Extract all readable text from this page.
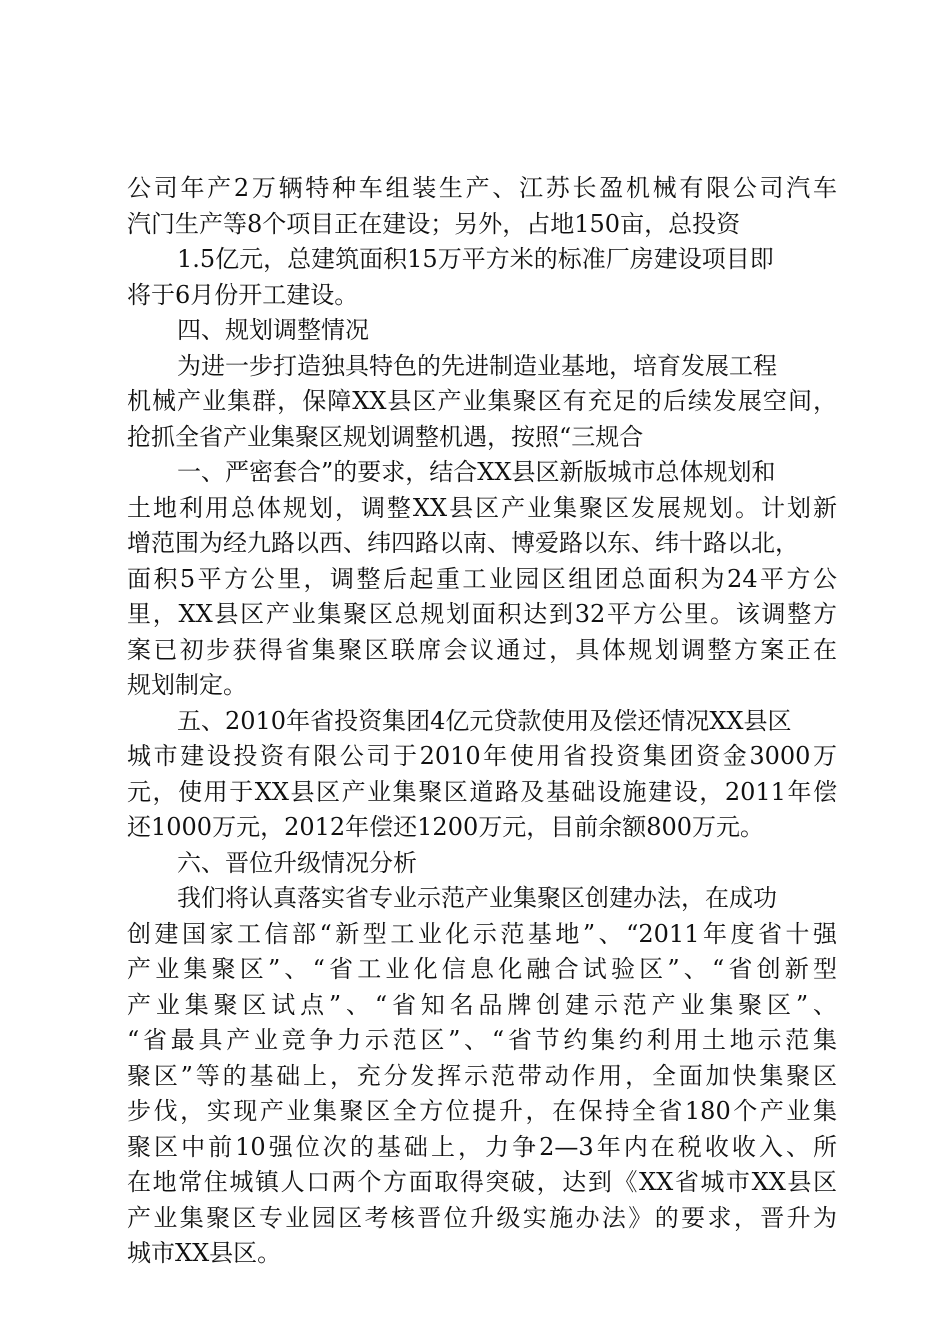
公司年产2万辆特种车组装生产、江苏长盈机械有限公司汽车
汽门生产等8个项目正在建设；另外，占地150亩，总投资
1.5亿元，总建筑面积15万平方米的标准厂房建设项目即
将于6月份开工建设。
四、规划调整情况
为进一步打造独具特色的先进制造业基地，培育发展工程
机械产业集群，保障XX县区产业集聚区有充足的后续发展空间，
抢抓全省产业集聚区规划调整机遇，按照“三规合
一、严密套合”的要求，结合XX县区新版城市总体规划和
土地利用总体规划，调整XX县区产业集聚区发展规划。计划新
增范围为经九路以西、纬四路以南、博爱路以东、纬十路以北，
面积5平方公里，调整后起重工业园区组团总面积为24平方公
里，XX县区产业集聚区总规划面积达到32平方公里。该调整方
案已初步获得省集聚区联席会议通过，具体规划调整方案正在
规划制定。
五、2010年省投资集团4亿元贷款使用及偿还情况XX县区
城市建设投资有限公司于2010年使用省投资集团资金3000万
元，使用于XX县区产业集聚区道路及基础设施建设，2011年偿
还1000万元，2012年偿还1200万元，目前余额800万元。
六、晋位升级情况分析
我们将认真落实省专业示范产业集聚区创建办法，在成功
创建国家工信部“新型工业化示范基地”、“2011年度省十强
产业集聚区”、“省工业化信息化融合试验区”、“省创新型
产业集聚区试点”、“省知名品牌创建示范产业集聚区”、
“省最具产业竞争力示范区”、“省节约集约利用土地示范集
聚区”等的基础上，充分发挥示范带动作用，全面加快集聚区
步伐，实现产业集聚区全方位提升，在保持全省180个产业集
聚区中前10强位次的基础上，力争2—3年内在税收收入、所
在地常住城镇人口两个方面取得突破，达到《XX省城市XX县区
产业集聚区专业园区考核晋位升级实施办法》的要求，晋升为
城市XX县区。
